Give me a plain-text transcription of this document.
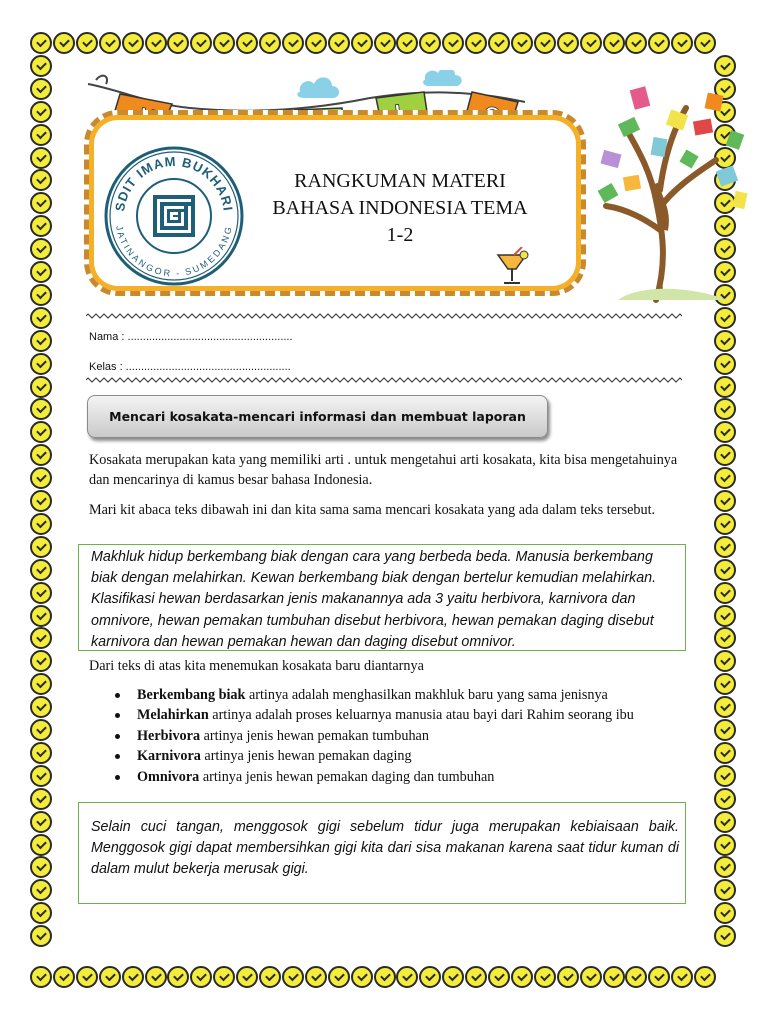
SDIT IMAM BUKHARI
JATINANGOR - SUMEDANG
RANGKUMAN MATERI
BAHASA INDONESIA TEMA
1-2
Nama : ......................................................
Kelas : ......................................................
Mencari kosakata-mencari informasi dan membuat laporan
Kosakata merupakan kata yang memiliki arti . untuk mengetahui arti kosakata, kita bisa mengetahuinya dan mencarinya di kamus besar bahasa Indonesia.
Mari kit abaca teks dibawah ini dan kita sama sama mencari kosakata yang ada dalam teks tersebut.
Makhluk hidup berkembang biak dengan cara yang berbeda beda. Manusia berkembang biak dengan melahirkan. Kewan berkembang biak dengan bertelur kemudian melahirkan. Klasifikasi hewan berdasarkan jenis makanannya ada 3 yaitu herbivora, karnivora dan omnivore, hewan pemakan tumbuhan disebut herbivora, hewan pemakan daging disebut karnivora dan hewan pemakan hewan dan daging disebut omnivor.
Dari teks di atas kita menemukan kosakata baru diantarnya
Berkembang biak artinya adalah menghasilkan makhluk baru yang sama jenisnya
Melahirkan artinya adalah proses keluarnya manusia atau bayi dari Rahim seorang ibu
Herbivora artinya jenis hewan pemakan tumbuhan
Karnivora artinya jenis hewan pemakan daging
Omnivora artinya jenis hewan pemakan daging dan tumbuhan
Selain cuci tangan, menggosok gigi sebelum tidur juga merupakan kebiaisaan baik. Menggosok gigi dapat membersihkan gigi kita dari sisa makanan karena saat tidur kuman di dalam mulut bekerja merusak gigi.
